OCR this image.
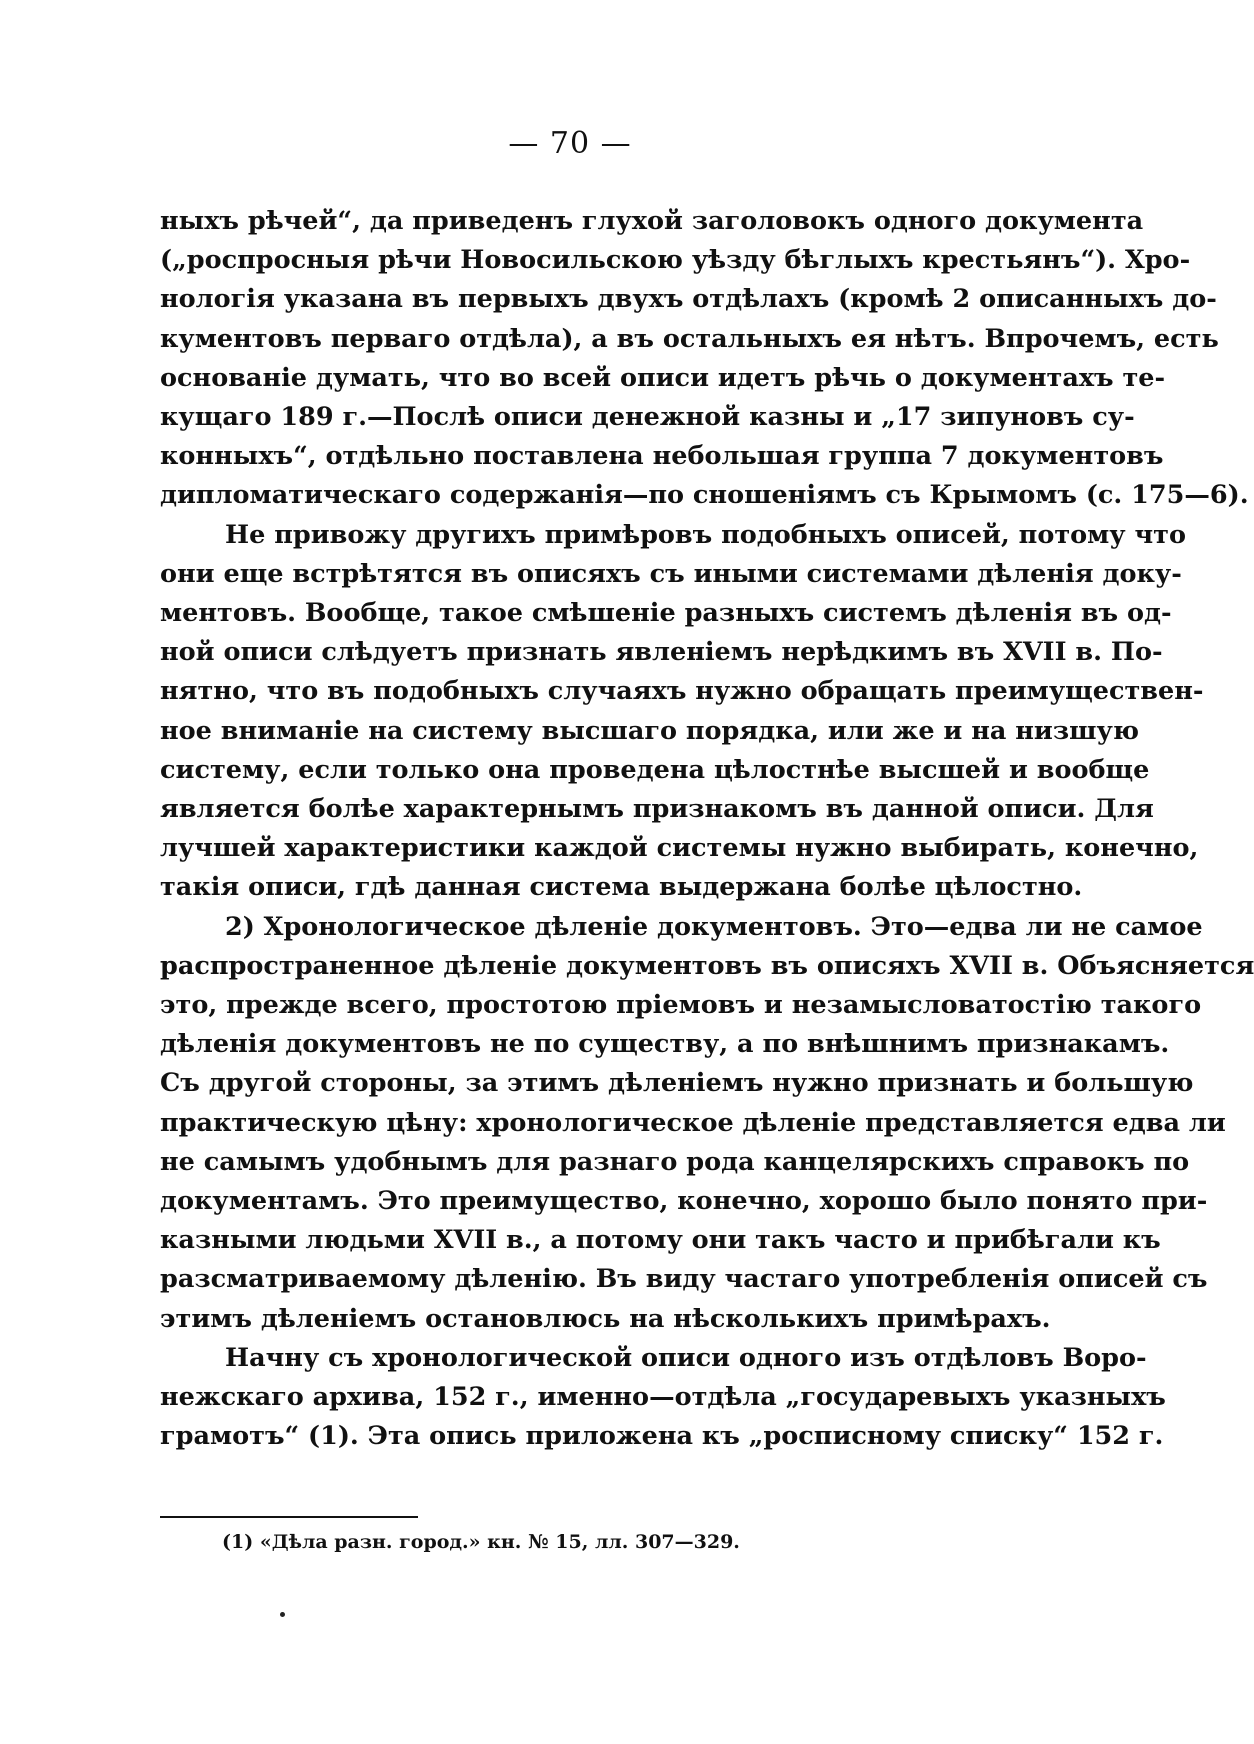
— 70 —
ныхъ рѣчей“, да приведенъ глухой заголовокъ одного документа
(„роспросныя рѣчи Новосильскою уѣзду бѣглыхъ крестьянъ“). Хро-
нологія указана въ первыхъ двухъ отдѣлахъ (кромѣ 2 описанныхъ до-
кументовъ перваго отдѣла), а въ остальныхъ ея нѣтъ. Впрочемъ, есть
основаніе думать, что во всей описи идетъ рѣчь о документахъ те-
кущаго 189 г.—Послѣ описи денежной казны и „17 зипуновъ су-
конныхъ“, отдѣльно поставлена небольшая группа 7 документовъ
дипломатическаго содержанія—по сношеніямъ съ Крымомъ (с. 175—6).
Не привожу другихъ примѣровъ подобныхъ описей, потому что
они еще встрѣтятся въ описяхъ съ иными системами дѣленія доку-
ментовъ. Вообще, такое смѣшеніе разныхъ системъ дѣленія въ од-
ной описи слѣдуетъ признать явленіемъ нерѣдкимъ въ XVII в. По-
нятно, что въ подобныхъ случаяхъ нужно обращать преимуществен-
ное вниманіе на систему высшаго порядка, или же и на низшую
систему, если только она проведена цѣлостнѣе высшей и вообще
является болѣе характернымъ признакомъ въ данной описи. Для
лучшей характеристики каждой системы нужно выбирать, конечно,
такія описи, гдѣ данная система выдержана болѣе цѣлостно.
2) Хронологическое дѣленіе документовъ. Это—едва ли не самое
распространенное дѣленіе документовъ въ описяхъ XVII в. Объясняется
это, прежде всего, простотою пріемовъ и незамысловатостію такого
дѣленія документовъ не по существу, а по внѣшнимъ признакамъ.
Съ другой стороны, за этимъ дѣленіемъ нужно признать и большую
практическую цѣну: хронологическое дѣленіе представляется едва ли
не самымъ удобнымъ для разнаго рода канцелярскихъ справокъ по
документамъ. Это преимущество, конечно, хорошо было понято при-
казными людьми XVII в., а потому они такъ часто и прибѣгали къ
разсматриваемому дѣленію. Въ виду частаго употребленія описей съ
этимъ дѣленіемъ остановлюсь на нѣсколькихъ примѣрахъ.
Начну съ хронологической описи одного изъ отдѣловъ Воро-
нежскаго архива, 152 г., именно—отдѣла „государевыхъ указныхъ
грамотъ“ (1). Эта опись приложена къ „росписному списку“ 152 г.
(1) «Дѣла разн. город.» кн. № 15, лл. 307—329.
